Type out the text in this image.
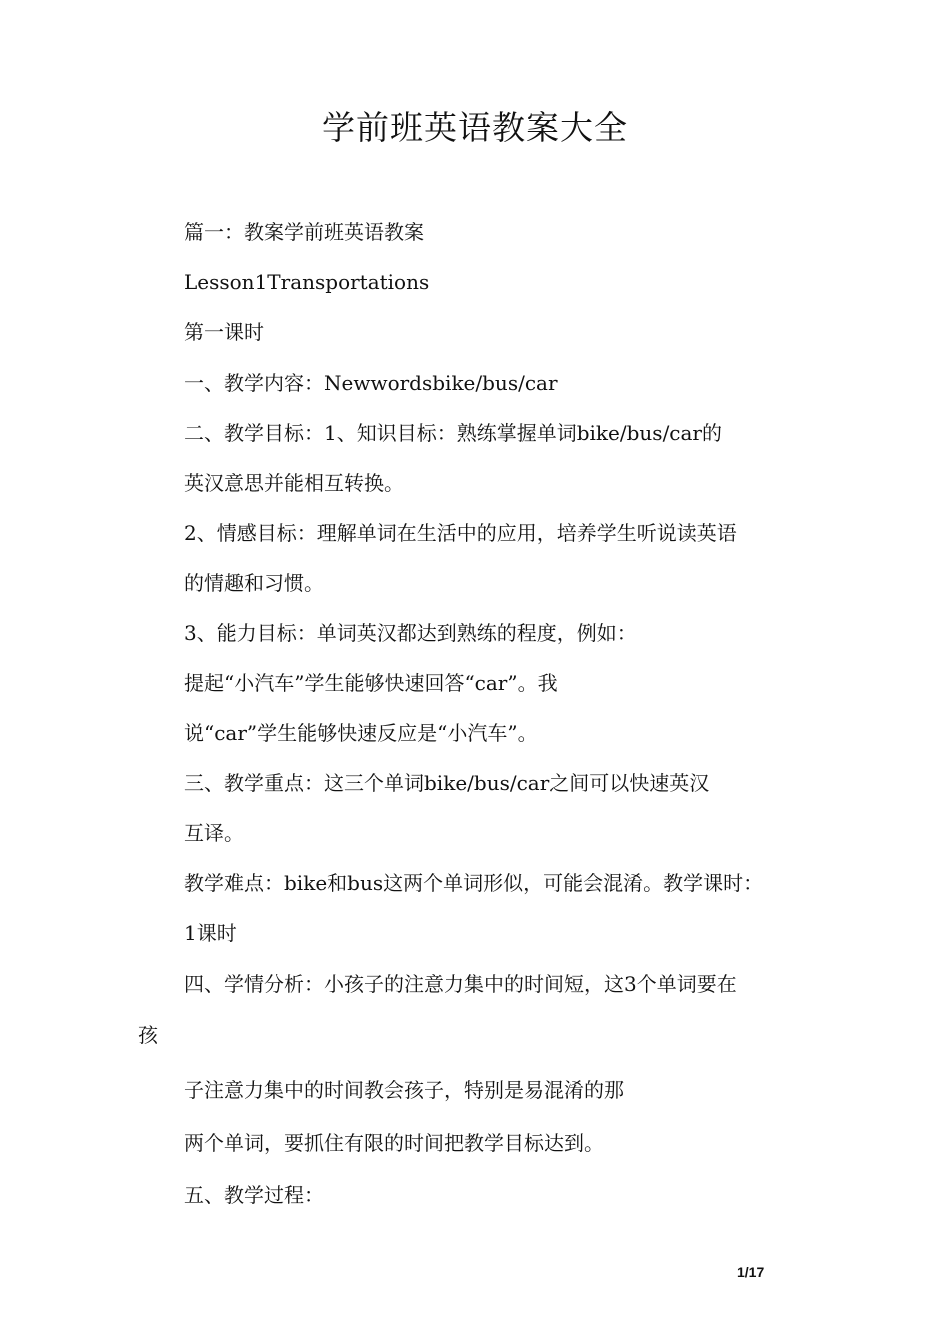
学前班英语教案大全
篇一：教案学前班英语教案
Lesson1Transportations
第一课时
一、教学内容：Newwordsbike/bus/car
二、教学目标：1、知识目标：熟练掌握单词bike/bus/car的
英汉意思并能相互转换。
2、情感目标：理解单词在生活中的应用，培养学生听说读英语
的情趣和习惯。
3、能力目标：单词英汉都达到熟练的程度，例如：
提起“小汽车”学生能够快速回答“car”。我
说“car”学生能够快速反应是“小汽车”。
三、教学重点：这三个单词bike/bus/car之间可以快速英汉
互译。
教学难点：bike和bus这两个单词形似，可能会混淆。教学课时：
1课时
四、学情分析：小孩子的注意力集中的时间短，这3个单词要在
孩
子注意力集中的时间教会孩子，特别是易混淆的那
两个单词，要抓住有限的时间把教学目标达到。
五、教学过程：
1/17
